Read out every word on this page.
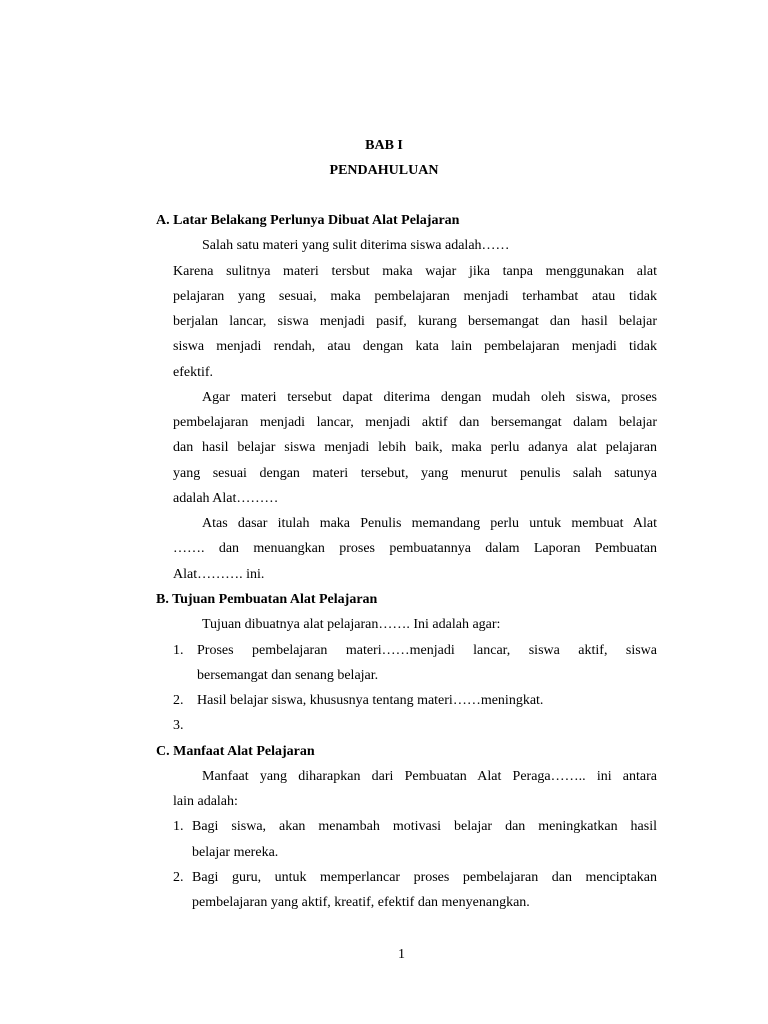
BAB I
PENDAHULUAN
A. Latar Belakang Perlunya Dibuat Alat Pelajaran
Salah satu materi yang sulit diterima siswa adalah……
Karena sulitnya materi tersbut maka wajar jika tanpa menggunakan alat
pelajaran yang sesuai, maka pembelajaran menjadi terhambat atau tidak
berjalan lancar, siswa menjadi pasif, kurang bersemangat dan hasil belajar
siswa menjadi rendah, atau dengan kata lain pembelajaran menjadi tidak
efektif.
Agar materi tersebut dapat diterima dengan mudah oleh siswa, proses
pembelajaran menjadi lancar, menjadi aktif dan bersemangat dalam belajar
dan hasil belajar siswa menjadi lebih baik, maka perlu adanya alat pelajaran
yang sesuai dengan materi tersebut, yang menurut penulis salah satunya
adalah Alat………
Atas dasar itulah maka Penulis memandang perlu untuk membuat Alat
……. dan menuangkan proses pembuatannya dalam Laporan Pembuatan
Alat………. ini.
B. Tujuan Pembuatan Alat Pelajaran
Tujuan dibuatnya alat pelajaran……. Ini adalah agar:
1. Proses pembelajaran materi……menjadi lancar, siswa aktif, siswa
bersemangat dan senang belajar.
2. Hasil belajar siswa, khususnya tentang materi……meningkat.
3.
C. Manfaat Alat Pelajaran
Manfaat yang diharapkan dari Pembuatan Alat Peraga…….. ini antara
lain adalah:
1. Bagi siswa, akan menambah motivasi belajar dan meningkatkan hasil
belajar mereka.
2. Bagi guru, untuk memperlancar proses pembelajaran dan menciptakan
pembelajaran yang aktif, kreatif, efektif dan menyenangkan.
1
